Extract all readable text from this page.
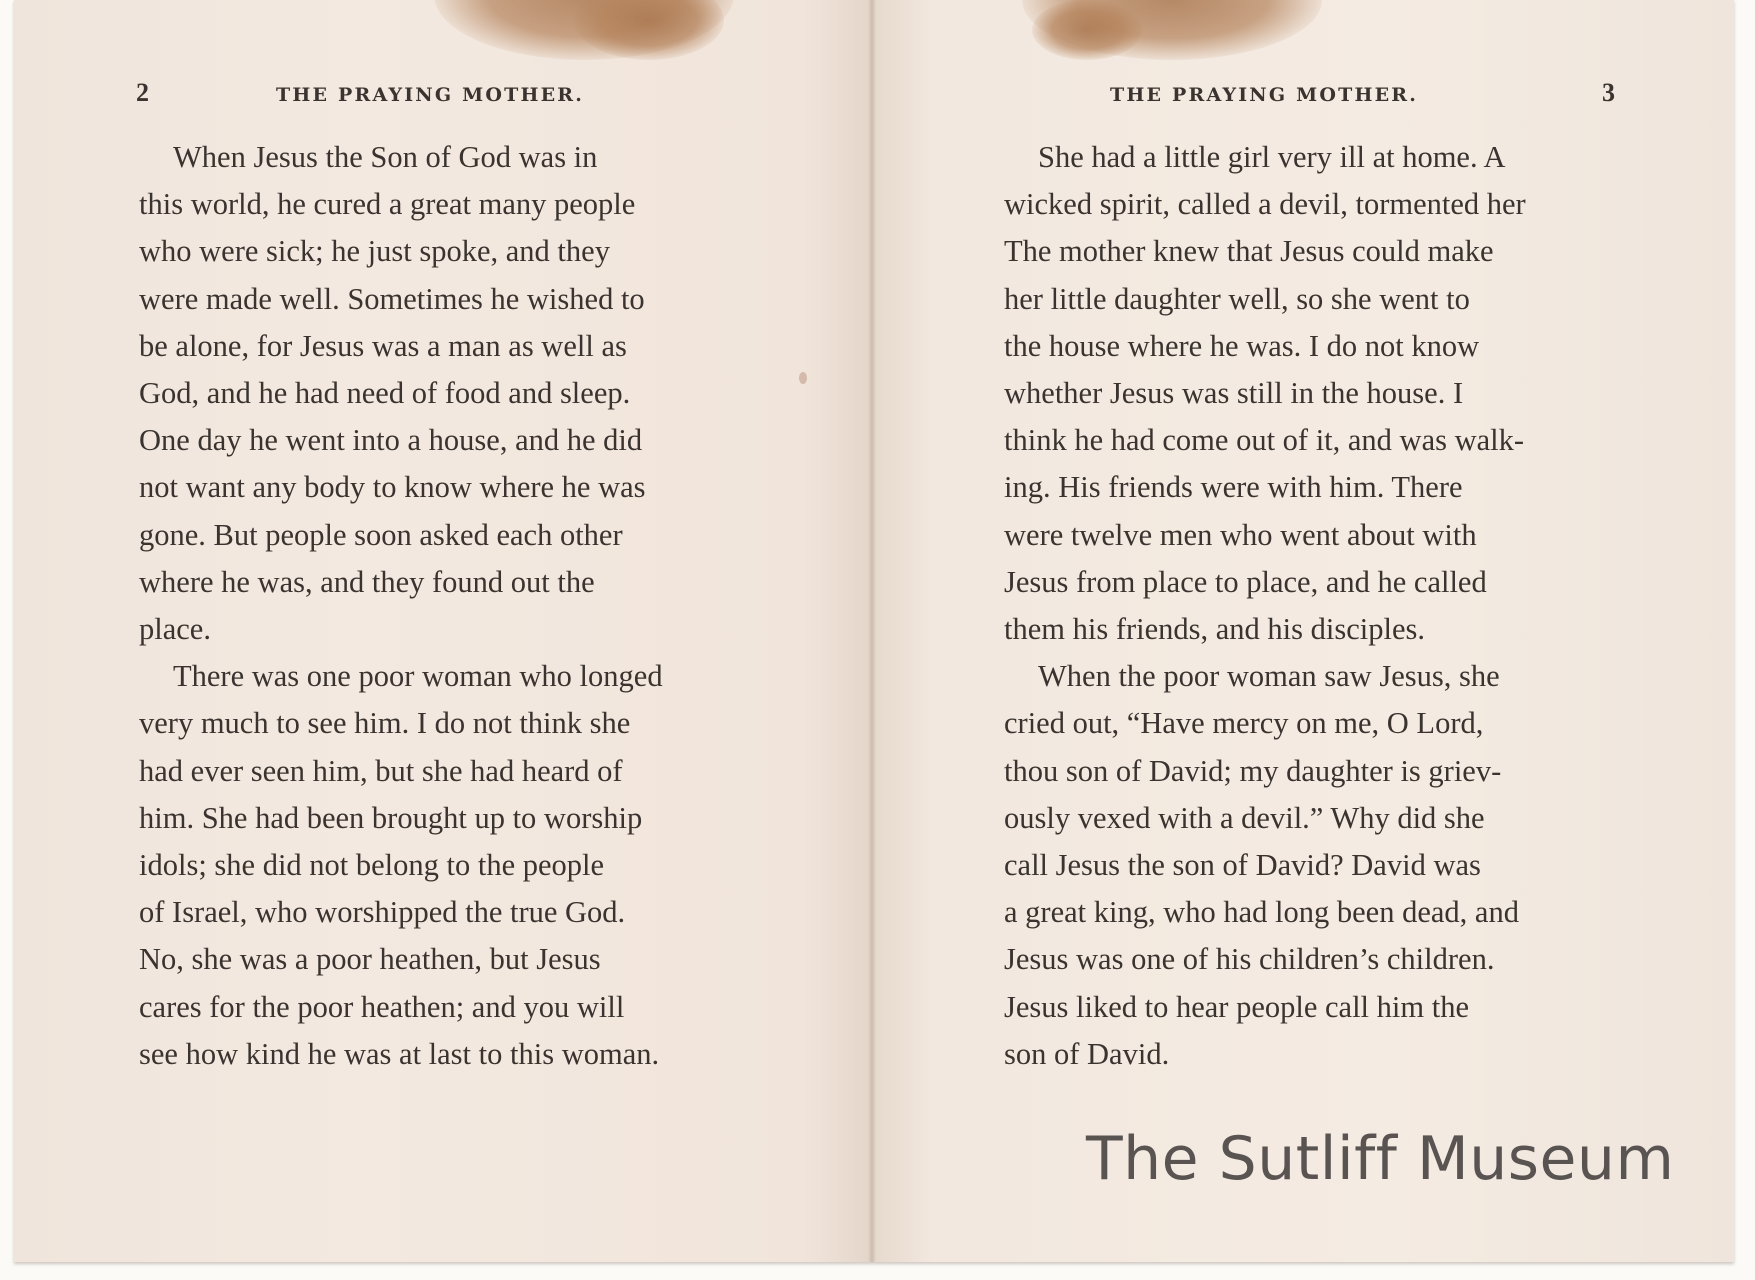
2	THE PRAYING MOTHER.

When Jesus the Son of God was in
this world, he cured a great many people
who were sick; he just spoke, and they
were made well. Sometimes he wished to
be alone, for Jesus was a man as well as
God, and he had need of food and sleep.
One day he went into a house, and he did
not want any body to know where he was
gone. But people soon asked each other
where he was, and they found out the
place.

There was one poor woman who longed
very much to see him. I do not think she
had ever seen him, but she had heard of
him. She had been brought up to worship
idols; she did not belong to the people
of Israel, who worshipped the true God.
No, she was a poor heathen, but Jesus
cares for the poor heathen; and you will
see how kind he was at last to this woman.

THE PRAYING MOTHER.	3

She had a little girl very ill at home. A
wicked spirit, called a devil, tormented her
The mother knew that Jesus could make
her little daughter well, so she went to
the house where he was. I do not know
whether Jesus was still in the house. I
think he had come out of it, and was walk-
ing. His friends were with him. There
were twelve men who went about with
Jesus from place to place, and he called
them his friends, and his disciples.

When the poor woman saw Jesus, she
cried out, “Have mercy on me, O Lord,
thou son of David; my daughter is griev-
ously vexed with a devil.” Why did she
call Jesus the son of David? David was
a great king, who had long been dead, and
Jesus was one of his children’s children.
Jesus liked to hear people call him the
son of David.

The Sutliff Museum
